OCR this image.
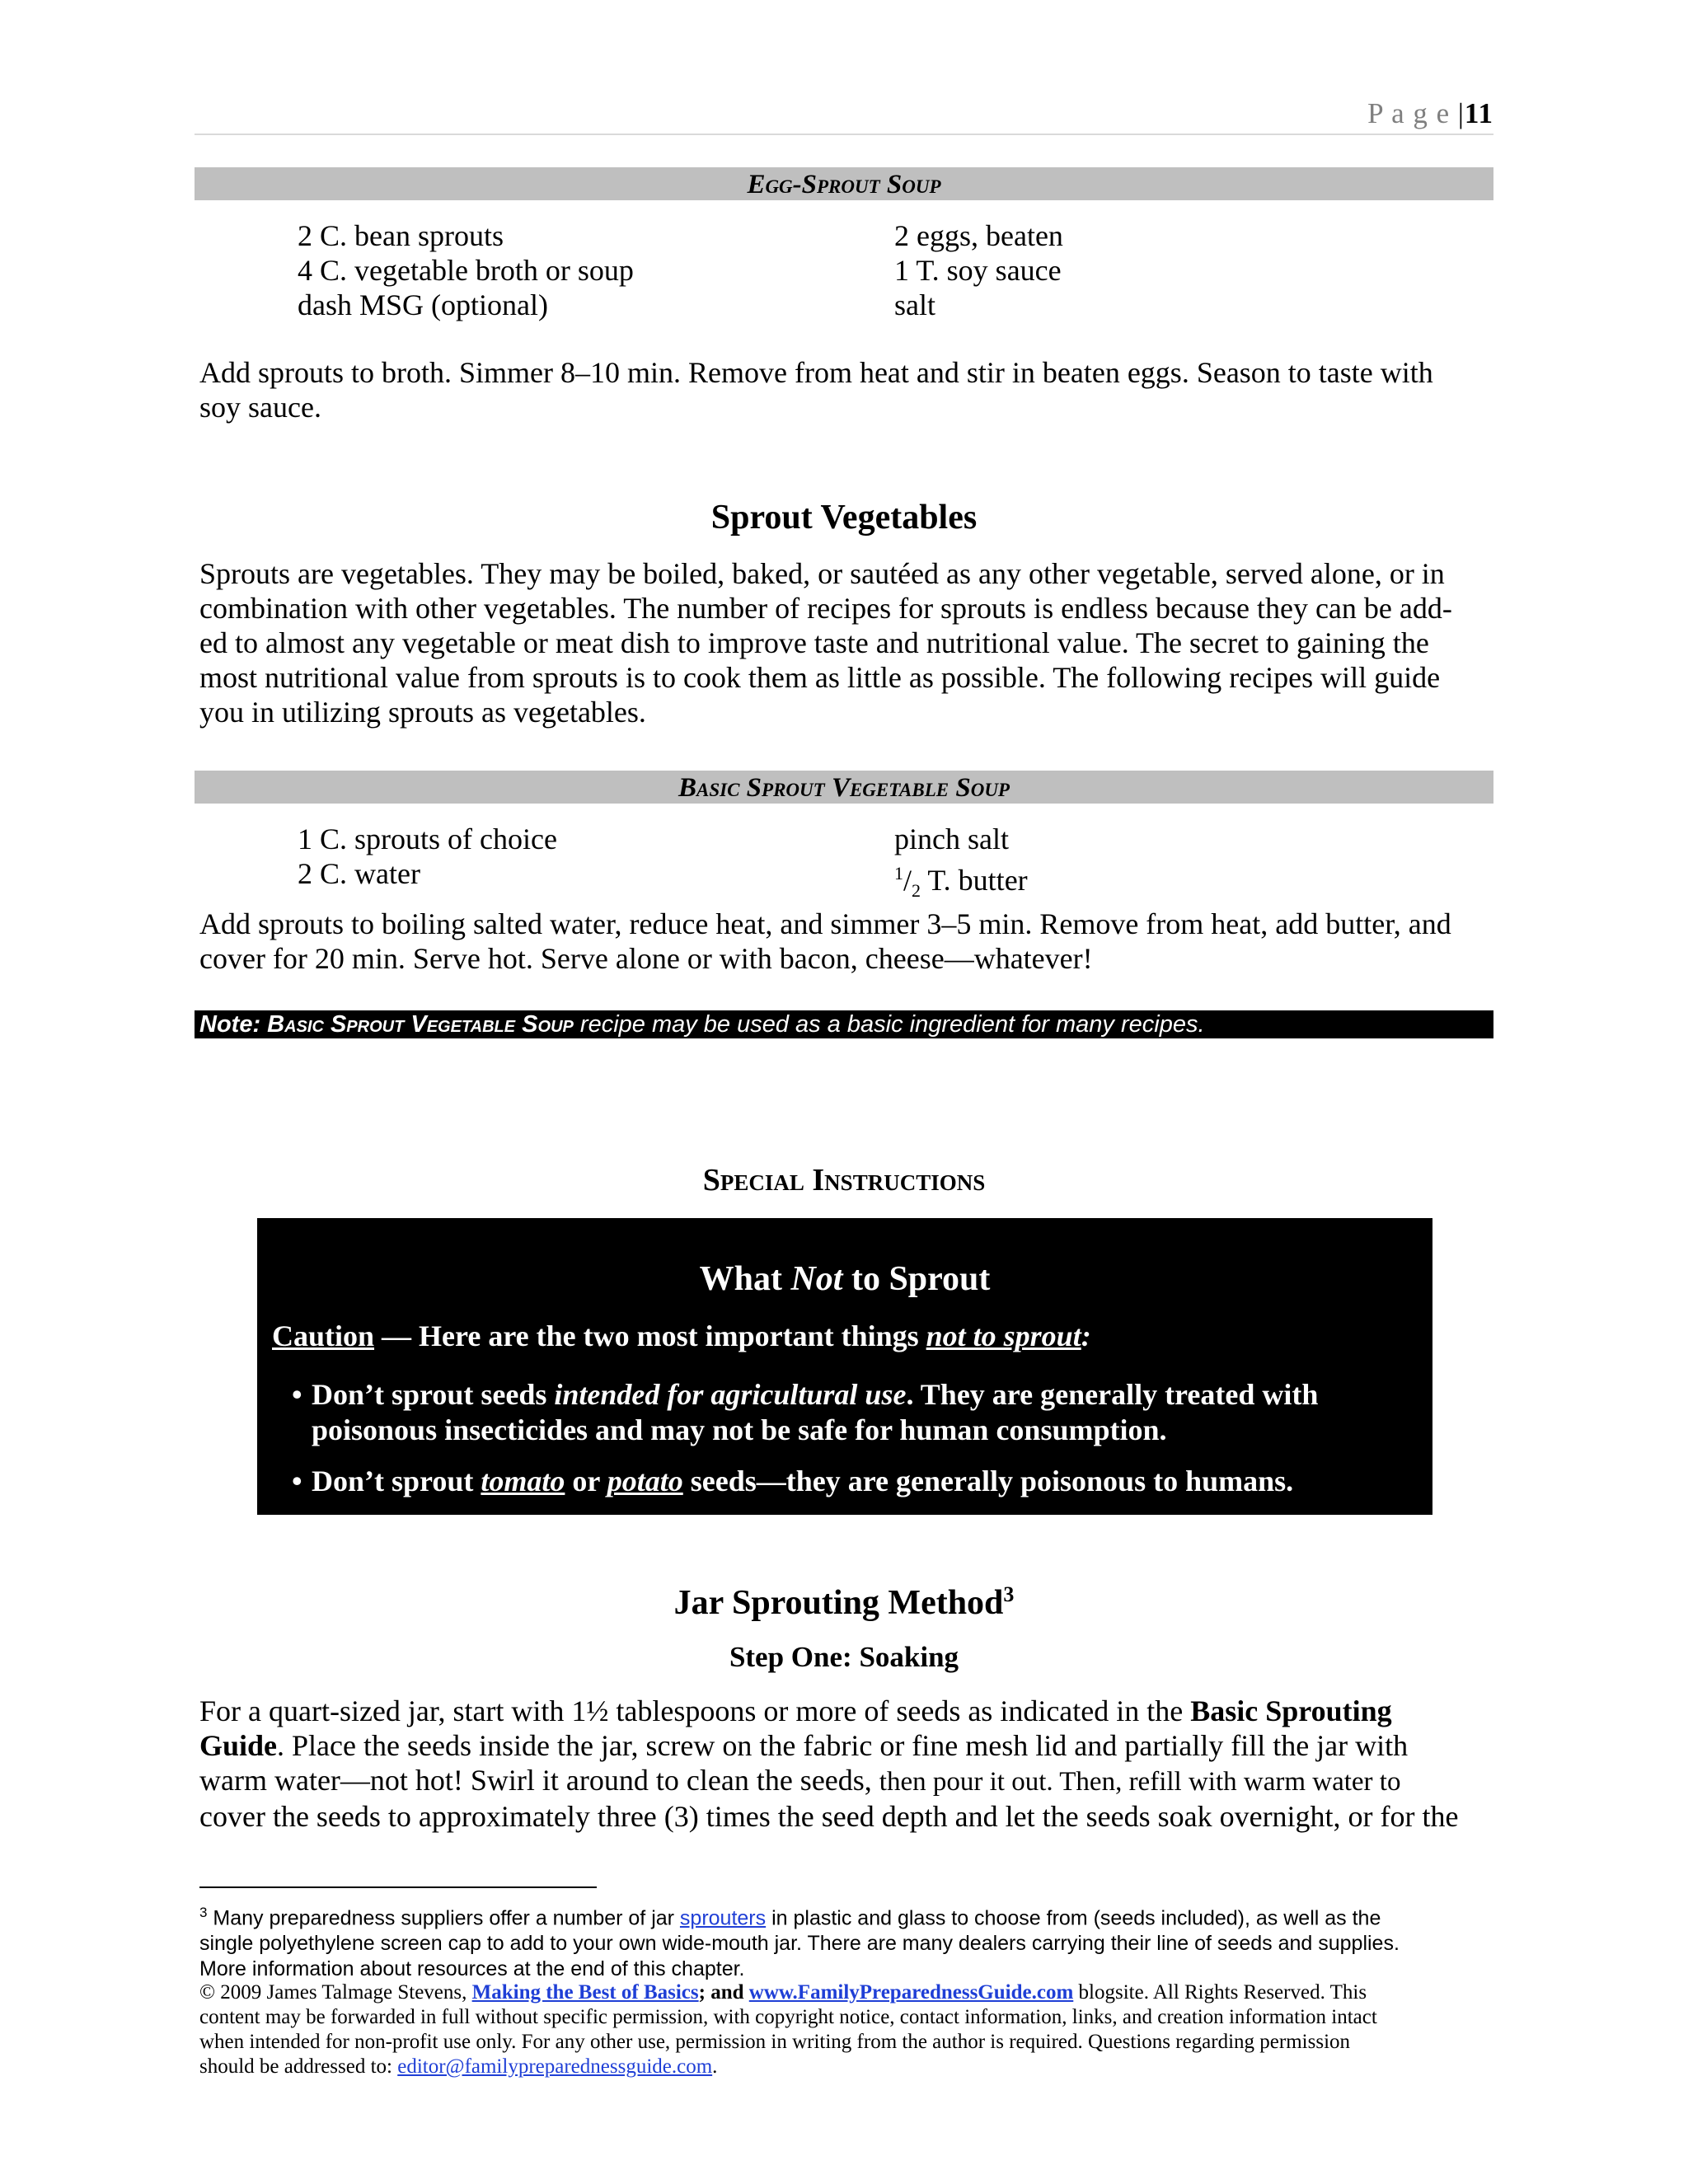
P a g e |11
Egg-Sprout Soup
2 C. bean sprouts
4 C. vegetable broth or soup
dash MSG (optional)
2 eggs, beaten
1 T. soy sauce
salt
Add sprouts to broth. Simmer 8–10 min. Remove from heat and stir in beaten eggs. Season to taste with
soy sauce.
Sprout Vegetables
Sprouts are vegetables. They may be boiled, baked, or sautéed as any other vegetable, served alone, or in
combination with other vegetables. The number of recipes for sprouts is endless because they can be add-
ed to almost any vegetable or meat dish to improve taste and nutritional value. The secret to gaining the
most nutritional value from sprouts is to cook them as little as possible. The following recipes will guide
you in utilizing sprouts as vegetables.
Basic Sprout Vegetable Soup
1 C. sprouts of choice
2 C. water
pinch salt
$^1/_2$ T. butter
Add sprouts to boiling salted water, reduce heat, and simmer 3–5 min. Remove from heat, add butter, and
cover for 20 min. Serve hot. Serve alone or with bacon, cheese—whatever!
Note: Basic Sprout Vegetable Soup recipe may be used as a basic ingredient for many recipes.
Special Instructions
What Not to Sprout
Caution — Here are the two most important things not to sprout:
• Don’t sprout seeds intended for agricultural use. They are generally treated with
poisonous insecticides and may not be safe for human consumption.
• Don’t sprout tomato or potato seeds—they are generally poisonous to humans.
Jar Sprouting Method$^3$
Step One: Soaking
For a quart-sized jar, start with 1½ tablespoons or more of seeds as indicated in the Basic Sprouting
Guide. Place the seeds inside the jar, screw on the fabric or fine mesh lid and partially fill the jar with
warm water—not hot! Swirl it around to clean the seeds, then pour it out. Then, refill with warm water to
cover the seeds to approximately three (3) times the seed depth and let the seeds soak overnight, or for the
$^3$ Many preparedness suppliers offer a number of jar sprouters in plastic and glass to choose from (seeds included), as well as the
single polyethylene screen cap to add to your own wide-mouth jar. There are many dealers carrying their line of seeds and supplies.
More information about resources at the end of this chapter.
© 2009 James Talmage Stevens, Making the Best of Basics; and www.FamilyPreparednessGuide.com blogsite. All Rights Reserved. This
content may be forwarded in full without specific permission, with copyright notice, contact information, links, and creation information intact
when intended for non-profit use only. For any other use, permission in writing from the author is required. Questions regarding permission
should be addressed to: editor@familypreparednessguide.com.
